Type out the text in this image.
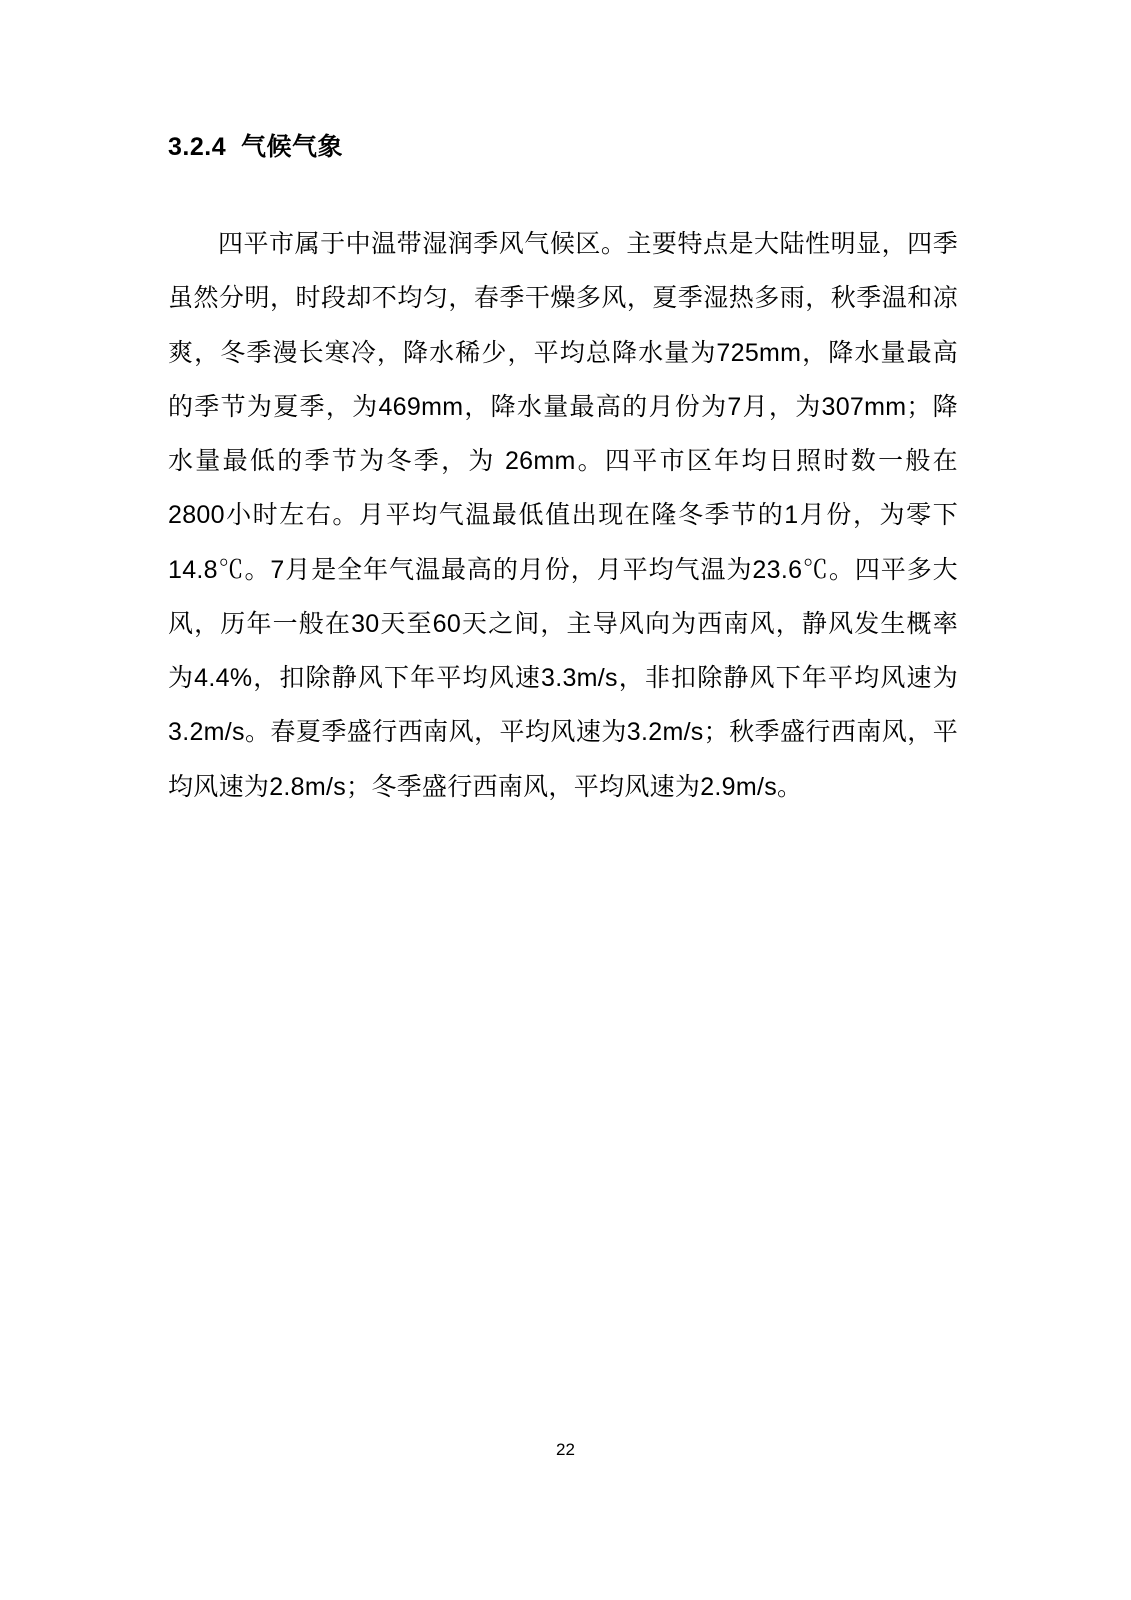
3.2.4  气候气象

四平市属于中温带湿润季风气候区。主要特点是大陆性明显，四季虽然分明，时段却不均匀，春季干燥多风，夏季湿热多雨，秋季温和凉爽，冬季漫长寒冷，降水稀少，平均总降水量为725mm，降水量最高的季节为夏季，为469mm，降水量最高的月份为7月，为307mm；降水量最低的季节为冬季，为 26mm。四平市区年均日照时数一般在2800小时左右。月平均气温最低值出现在隆冬季节的1月份，为零下14.8℃。7月是全年气温最高的月份，月平均气温为23.6℃。四平多大风，历年一般在30天至60天之间，主导风向为西南风，静风发生概率为4.4%，扣除静风下年平均风速3.3m/s，非扣除静风下年平均风速为3.2m/s。春夏季盛行西南风，平均风速为3.2m/s；秋季盛行西南风，平均风速为2.8m/s；冬季盛行西南风，平均风速为2.9m/s。

22
